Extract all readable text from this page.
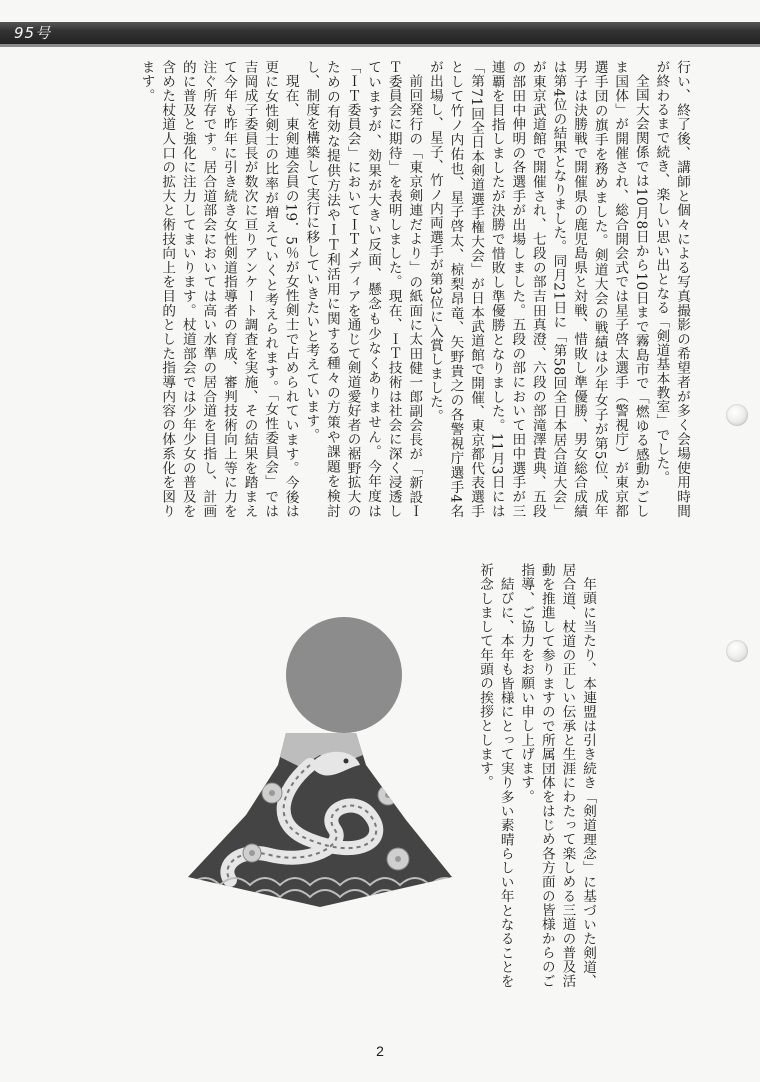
95号

行い、終了後、講師と個々による写真撮影の希望者が多く会場使用時間が終わるまで続き、楽しい思い出となる「剣道基本教室」でした。

全国大会関係では10月8日から10日まで霧島市で「燃ゆる感動かごしま国体」が開催され、総合開会式では星子啓太選手（警視庁）が東京都選手団の旗手を務めました。剣道大会の戦績は少年女子が第5位、成年男子は決勝戦で開催県の鹿児島県と対戦、惜敗し準優勝、男女総合成績は第4位の結果となりました。同月21日に「第58回全日本居合道大会」が東京武道館で開催され、七段の部吉田真澄、六段の部滝澤貴典、五段の部田中伸明の各選手が出場しました。五段の部において田中選手が三連覇を目指しましたが決勝で惜敗し準優勝となりました。11月3日には「第71回全日本剣道選手権大会」が日本武道館で開催、東京都代表選手として竹ノ内佑也、星子啓太、椋梨昂竜、矢野貴之の各警視庁選手4名が出場し、星子、竹ノ内両選手が第3位に入賞しました。

前回発行の「東京剣連だより」の紙面に太田健一郎副会長が「新設ＩＴ委員会に期待」を表明しました。現在、ＩＴ技術は社会に深く浸透していますが、効果が大きい反面、懸念も少なくありません。今年度は「ＩＴ委員会」においてＩＴメディアを通じて剣道愛好者の裾野拡大のための有効な提供方法やＩＴ利活用に関する種々の方策や課題を検討し、制度を構築して実行に移していきたいと考えています。

現在、東剣連会員の19．5％が女性剣士で占められています。今後は更に女性剣士の比率が増えていくと考えられます。「女性委員会」では吉岡成子委員長が数次に亘りアンケート調査を実施、その結果を踏まえて今年も昨年に引き続き女性剣道指導者の育成、審判技術向上等に力を注ぐ所存です。居合道部会においては高い水準の居合道を目指し、計画的に普及と強化に注力してまいります。杖道部会では少年少女の普及を含めた杖道人口の拡大と術技向上を目的とした指導内容の体系化を図ります。

年頭に当たり、本連盟は引き続き「剣道理念」に基づいた剣道、居合道、杖道の正しい伝承と生涯にわたって楽しめる三道の普及活動を推進して参りますので所属団体をはじめ各方面の皆様からのご指導、ご協力をお願い申し上げます。

結びに、本年も皆様にとって実り多い素晴らしい年となることを祈念しまして年頭の挨拶とします。

2
